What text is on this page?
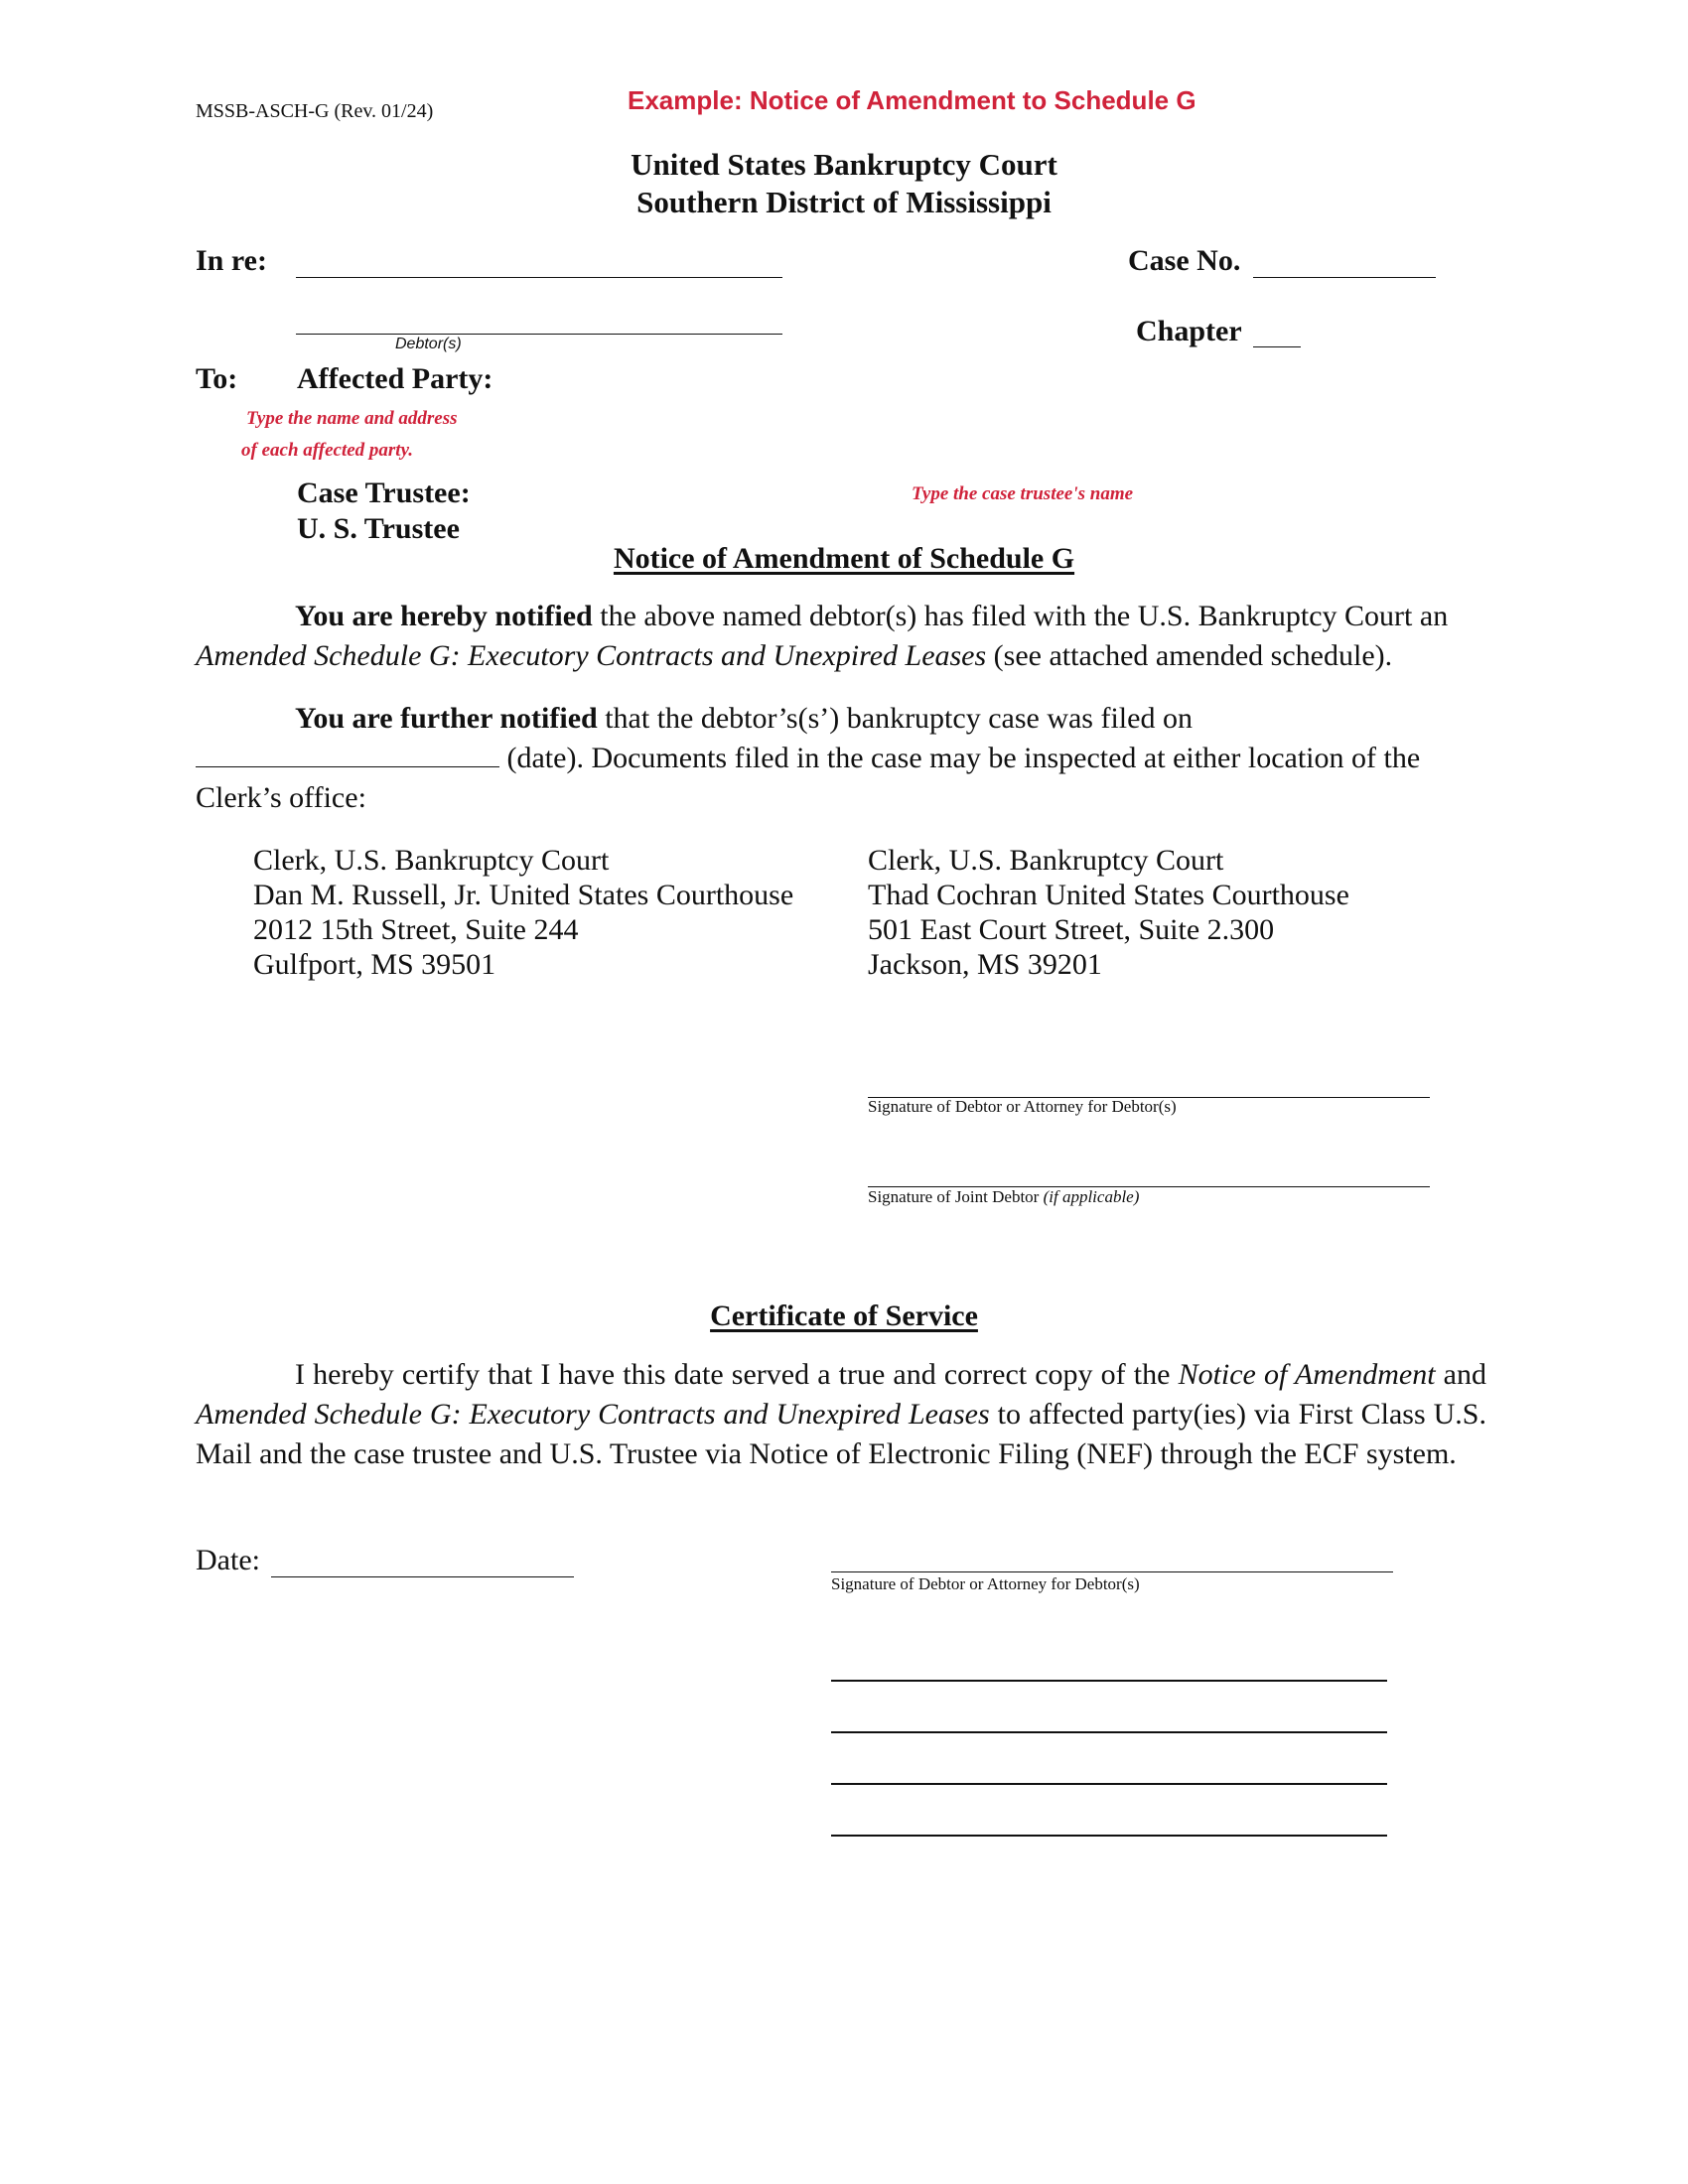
MSSB-ASCH-G (Rev. 01/24)	Example: Notice of Amendment to Schedule G
United States Bankruptcy Court
Southern District of Mississippi
In re:
Debtor(s)
Case No.
Chapter
To: Affected Party:
Type the name and address
of each affected party.
Case Trustee:	Type the case trustee's name
U. S. Trustee
Notice of Amendment of Schedule G
You are hereby notified the above named debtor(s) has filed with the U.S. Bankruptcy Court an Amended Schedule G: Executory Contracts and Unexpired Leases (see attached amended schedule).
You are further notified that the debtor’s(s’) bankruptcy case was filed on  (date). Documents filed in the case may be inspected at either location of the Clerk’s office:
Clerk, U.S. Bankruptcy Court
Dan M. Russell, Jr. United States Courthouse
2012 15th Street, Suite 244
Gulfport, MS 39501
Clerk, U.S. Bankruptcy Court
Thad Cochran United States Courthouse
501 East Court Street, Suite 2.300
Jackson, MS 39201
Signature of Debtor or Attorney for Debtor(s)
Signature of Joint Debtor (if applicable)
Certificate of Service
I hereby certify that I have this date served a true and correct copy of the Notice of Amendment and Amended Schedule G: Executory Contracts and Unexpired Leases to affected party(ies) via First Class U.S. Mail and the case trustee and U.S. Trustee via Notice of Electronic Filing (NEF) through the ECF system.
Date:
Signature of Debtor or Attorney for Debtor(s)
